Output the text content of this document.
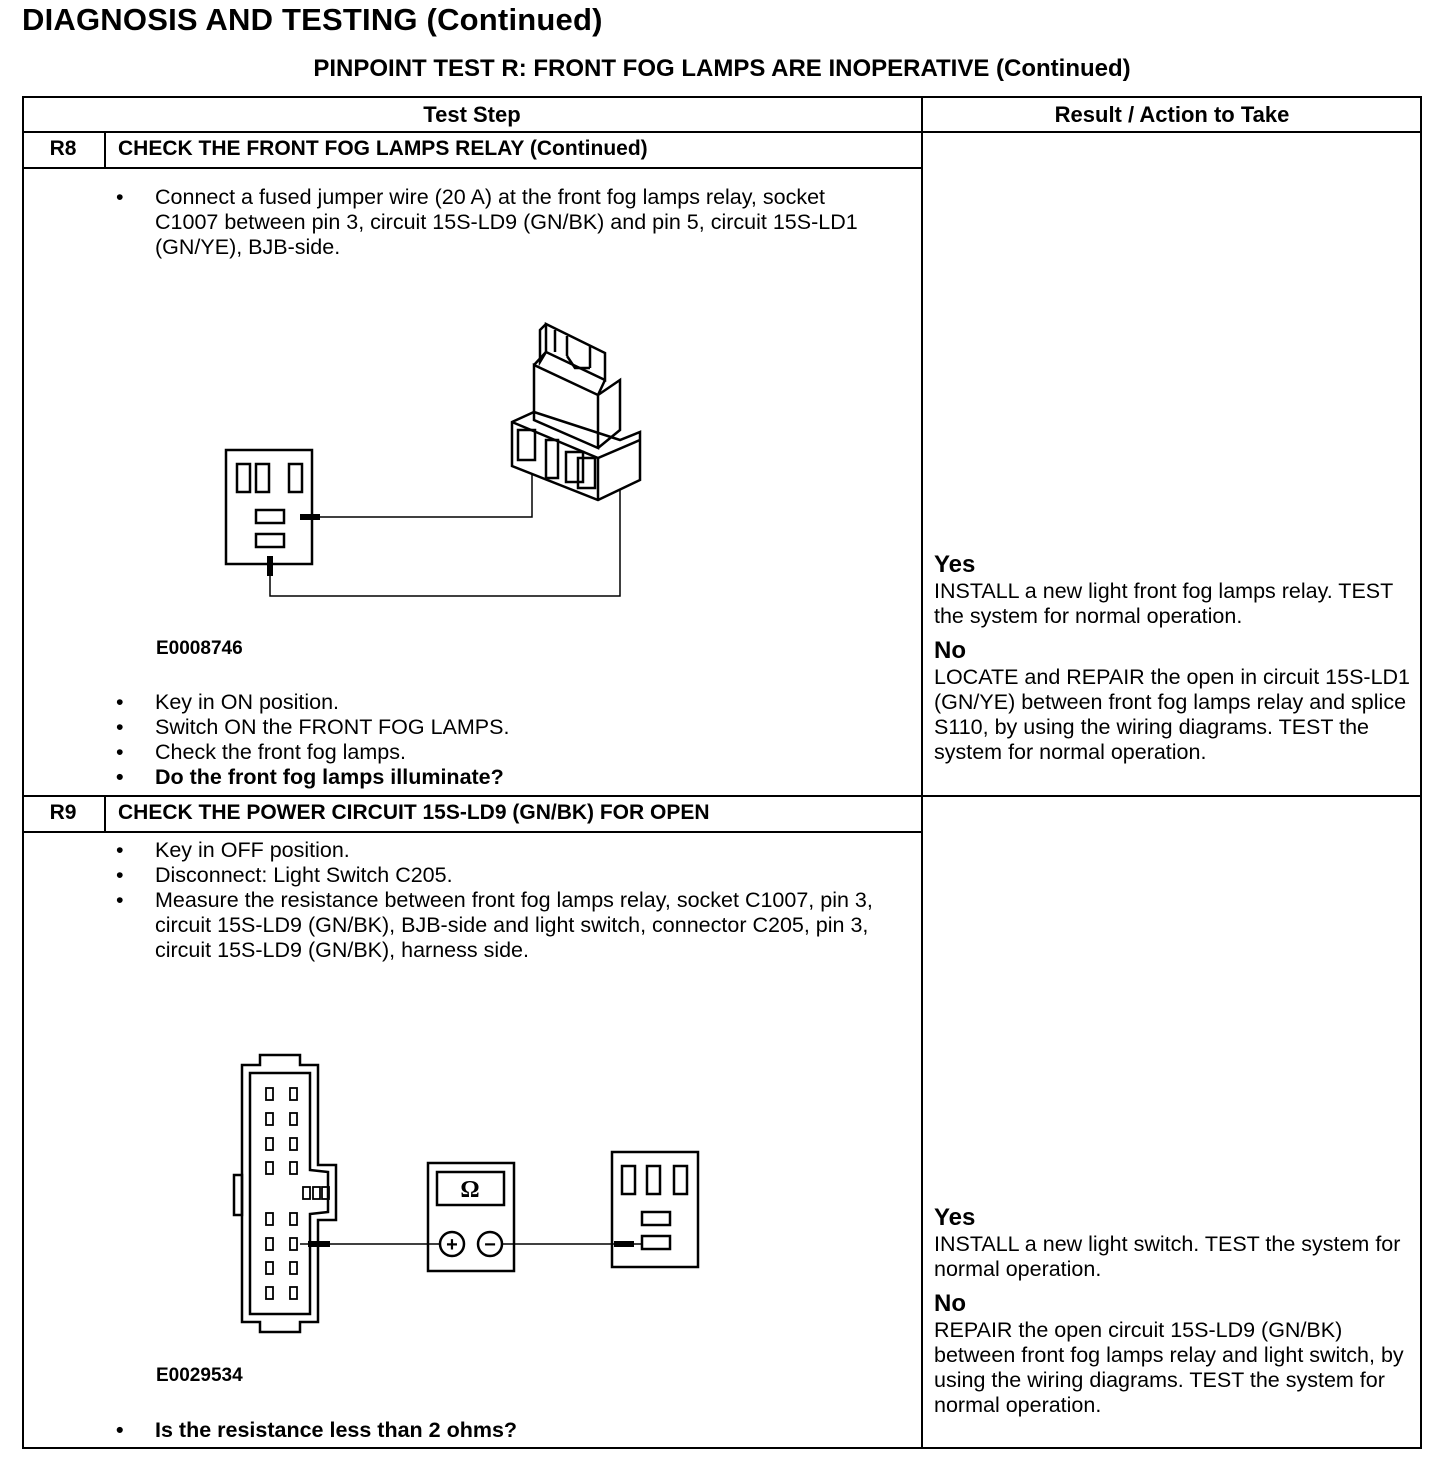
DIAGNOSIS AND TESTING (Continued)
PINPOINT TEST R: FRONT FOG LAMPS ARE INOPERATIVE (Continued)
Test Step	Result / Action to Take
R8	CHECK THE FRONT FOG LAMPS RELAY (Continued)
• Connect a fused jumper wire (20 A) at the front fog lamps relay, socket C1007 between pin 3, circuit 15S-LD9 (GN/BK) and pin 5, circuit 15S-LD1 (GN/YE), BJB-side.
E0008746
• Key in ON position.
• Switch ON the FRONT FOG LAMPS.
• Check the front fog lamps.
• Do the front fog lamps illuminate?
Yes
INSTALL a new light front fog lamps relay. TEST the system for normal operation.
No
LOCATE and REPAIR the open in circuit 15S-LD1 (GN/YE) between front fog lamps relay and splice S110, by using the wiring diagrams. TEST the system for normal operation.
R9	CHECK THE POWER CIRCUIT 15S-LD9 (GN/BK) FOR OPEN
• Key in OFF position.
• Disconnect: Light Switch C205.
• Measure the resistance between front fog lamps relay, socket C1007, pin 3, circuit 15S-LD9 (GN/BK), BJB-side and light switch, connector C205, pin 3, circuit 15S-LD9 (GN/BK), harness side.
Ω
+ −
E0029534
• Is the resistance less than 2 ohms?
Yes
INSTALL a new light switch. TEST the system for normal operation.
No
REPAIR the open circuit 15S-LD9 (GN/BK) between front fog lamps relay and light switch, by using the wiring diagrams. TEST the system for normal operation.
